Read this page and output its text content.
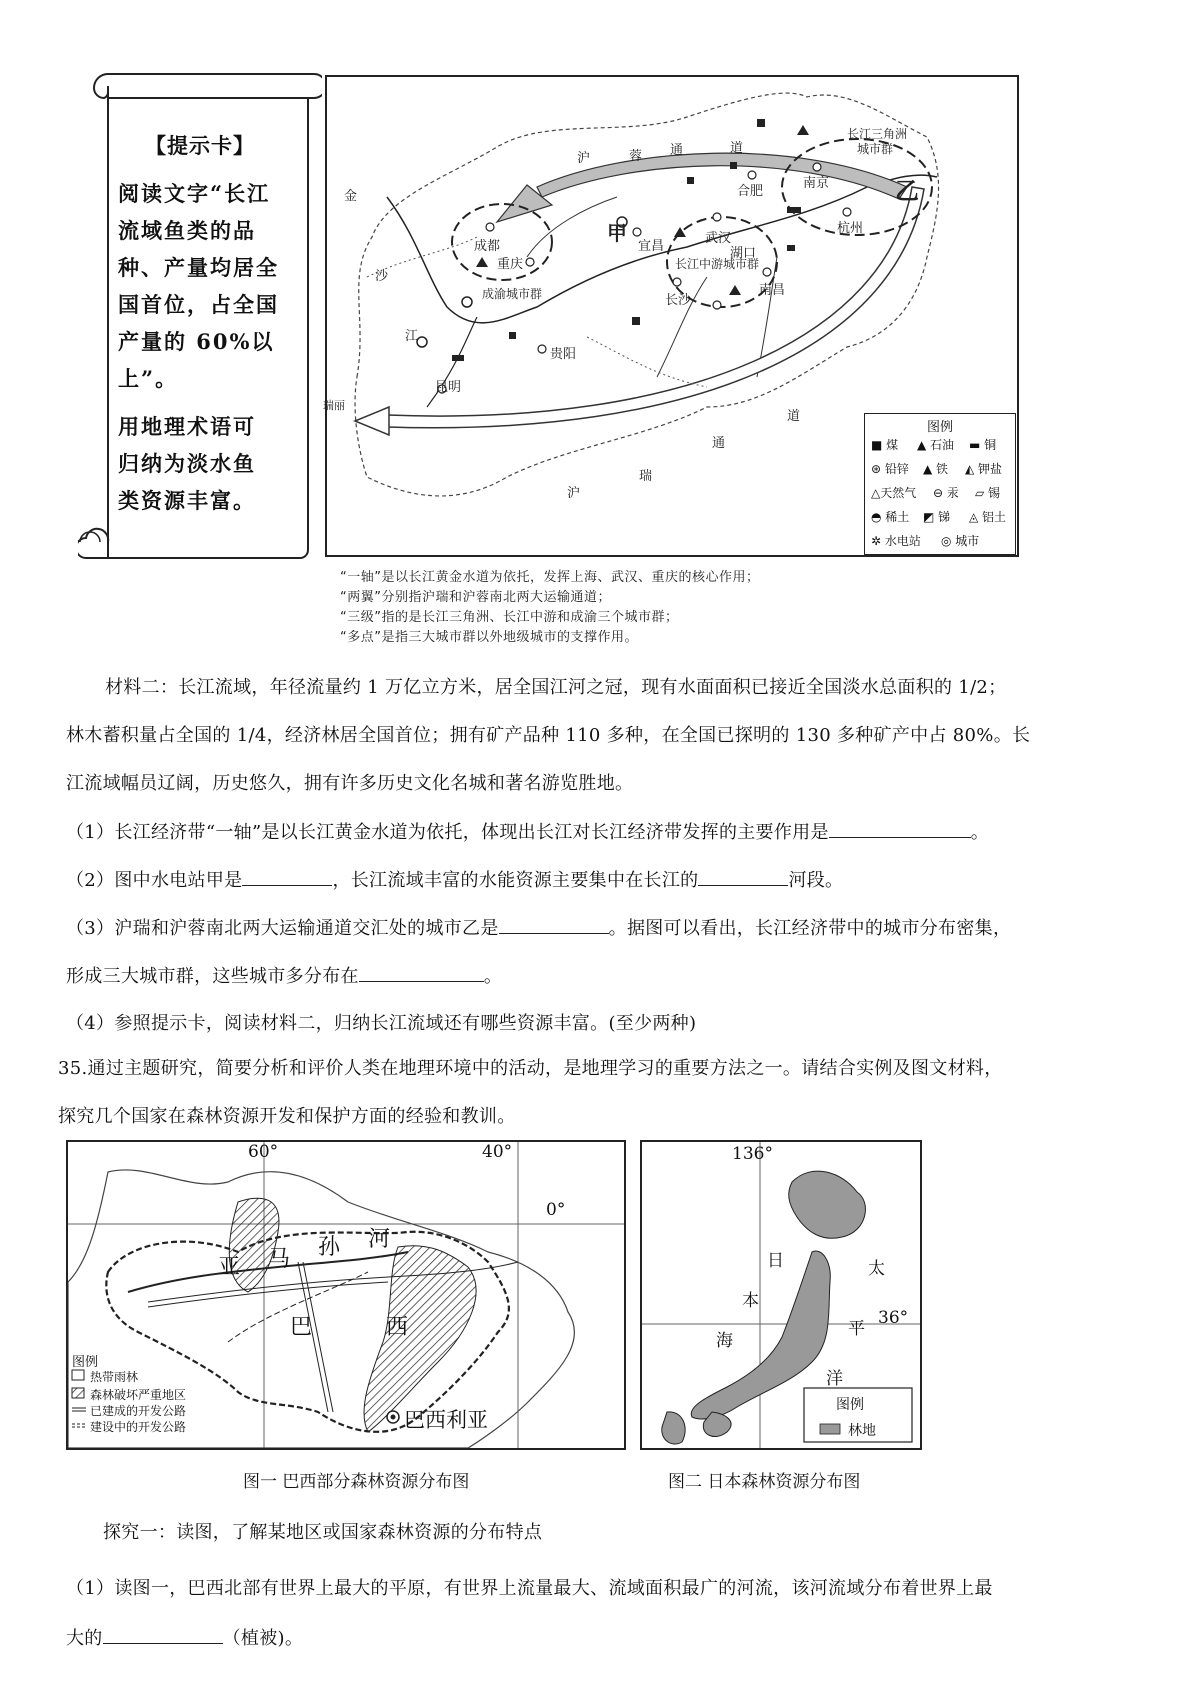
【提示卡】
阅读文字“长江
流域鱼类的品
种、产量均居全
国首位，占全国
产量的 60%以
上”。
用地理术语可
归纳为淡水鱼
类资源丰富。
成都
重庆
成渝城市群
贵阳
昆明
瑞丽
宜昌
武汉
合肥
南京
杭州
湖口
南昌
长沙
长江中游城市群
长江三角洲
城市群
甲
乙
沪	蓉 通	道
沪
瑞
通
道
金
沙
江
图例
■ 煤 ▲ 石油 ▬ 铜
⊛ 铅锌 ▲ 铁 ◭ 钾盐
△天然气 ⊖ 汞 ▱ 锡
◓ 稀土 ◩ 锑 ◬ 铝土
✲ 水电站 ◎ 城市
“一轴”是以长江黄金水道为依托，发挥上海、武汉、重庆的核心作用；
“两翼”分别指沪瑞和沪蓉南北两大运输通道；
“三级”指的是长江三角洲、长江中游和成渝三个城市群；
“多点”是指三大城市群以外地级城市的支撑作用。
材料二：长江流域，年径流量约 1 万亿立方米，居全国江河之冠，现有水面面积已接近全国淡水总面积的 1/2；
林木蓄积量占全国的 1/4，经济林居全国首位；拥有矿产品种 110 多种，在全国已探明的 130 多种矿产中占 80%。长
江流域幅员辽阔，历史悠久，拥有许多历史文化名城和著名游览胜地。
（1）长江经济带“一轴”是以长江黄金水道为依托，体现出长江对长江经济带发挥的主要作用是	。
（2）图中水电站甲是	，长江流域丰富的水能资源主要集中在长江的	河段。
（3）沪瑞和沪蓉南北两大运输通道交汇处的城市乙是	。据图可以看出，长江经济带中的城市分布密集，
形成三大城市群，这些城市多分布在	。
（4）参照提示卡，阅读材料二，归纳长江流域还有哪些资源丰富。(至少两种)
35.通过主题研究，简要分析和评价人类在地理环境中的活动，是地理学习的重要方法之一。请结合实例及图文材料，
探究几个国家在森林资源开发和保护方面的经验和教训。
60°	40°
0°
亚 马 孙 河
巴	西
巴西利亚
图例
热带雨林
森林破坏严重地区
已建成的开发公路
建设中的开发公路
图一 巴西部分森林资源分布图
136°
36°
日
本
海
太
平
洋
图例
林地
图二 日本森林资源分布图
探究一：读图，了解某地区或国家森林资源的分布特点
（1）读图一，巴西北部有世界上最大的平原，有世界上流量最大、流域面积最广的河流，该河流域分布着世界上最
大的	（植被)。
